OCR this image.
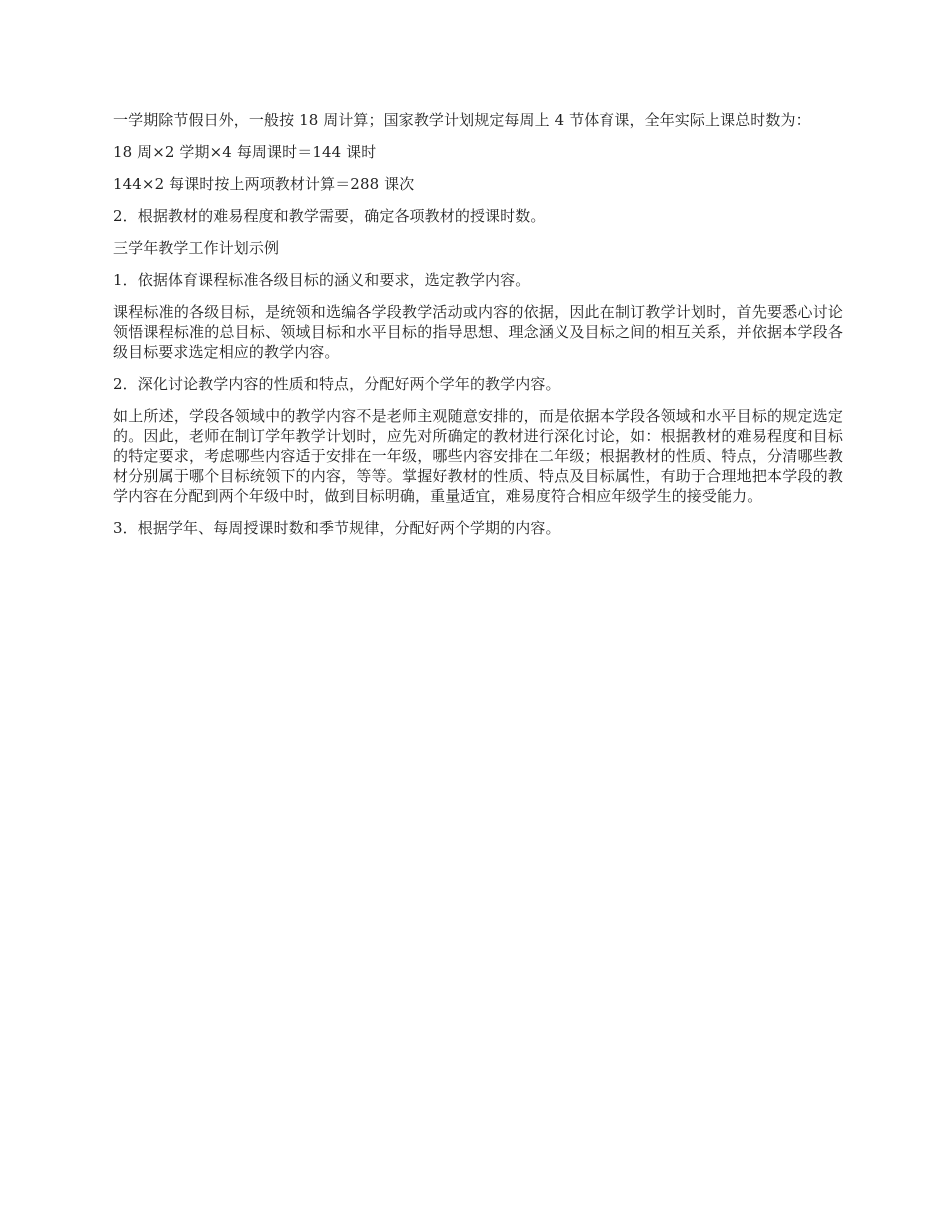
一学期除节假日外，一般按 18 周计算；国家教学计划规定每周上 4 节体育课，全年实际上课总时数为：

18 周×2 学期×4 每周课时＝144 课时

144×2 每课时按上两项教材计算＝288 课次

2．根据教材的难易程度和教学需要，确定各项教材的授课时数。

三学年教学工作计划示例

1．依据体育课程标准各级目标的涵义和要求，选定教学内容。

课程标准的各级目标，是统领和选编各学段教学活动或内容的依据，因此在制订教学计划时，首先要悉心讨论领悟课程标准的总目标、领域目标和水平目标的指导思想、理念涵义及目标之间的相互关系，并依据本学段各级目标要求选定相应的教学内容。

2．深化讨论教学内容的性质和特点，分配好两个学年的教学内容。

如上所述，学段各领域中的教学内容不是老师主观随意安排的，而是依据本学段各领域和水平目标的规定选定的。因此，老师在制订学年教学计划时，应先对所确定的教材进行深化讨论，如：根据教材的难易程度和目标的特定要求，考虑哪些内容适于安排在一年级，哪些内容安排在二年级；根据教材的性质、特点，分清哪些教材分别属于哪个目标统领下的内容，等等。掌握好教材的性质、特点及目标属性，有助于合理地把本学段的教学内容在分配到两个年级中时，做到目标明确，重量适宜，难易度符合相应年级学生的接受能力。

3．根据学年、每周授课时数和季节规律，分配好两个学期的内容。
